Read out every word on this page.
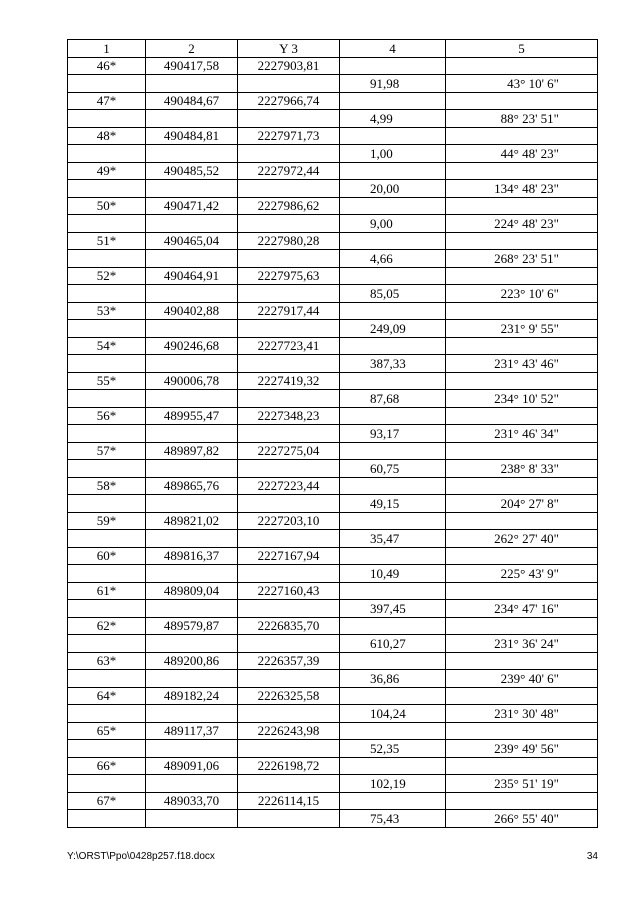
1	2	Y 3	4	5
46*	490417,58	2227903,81		
			91,98	43° 10' 6"
47*	490484,67	2227966,74		
			4,99	88° 23' 51"
48*	490484,81	2227971,73		
			1,00	44° 48' 23"
49*	490485,52	2227972,44		
			20,00	134° 48' 23"
50*	490471,42	2227986,62		
			9,00	224° 48' 23"
51*	490465,04	2227980,28		
			4,66	268° 23' 51"
52*	490464,91	2227975,63		
			85,05	223° 10' 6"
53*	490402,88	2227917,44		
			249,09	231° 9' 55"
54*	490246,68	2227723,41		
			387,33	231° 43' 46"
55*	490006,78	2227419,32		
			87,68	234° 10' 52"
56*	489955,47	2227348,23		
			93,17	231° 46' 34"
57*	489897,82	2227275,04		
			60,75	238° 8' 33"
58*	489865,76	2227223,44		
			49,15	204° 27' 8"
59*	489821,02	2227203,10		
			35,47	262° 27' 40"
60*	489816,37	2227167,94		
			10,49	225° 43' 9"
61*	489809,04	2227160,43		
			397,45	234° 47' 16"
62*	489579,87	2226835,70		
			610,27	231° 36' 24"
63*	489200,86	2226357,39		
			36,86	239° 40' 6"
64*	489182,24	2226325,58		
			104,24	231° 30' 48"
65*	489117,37	2226243,98		
			52,35	239° 49' 56"
66*	489091,06	2226198,72		
			102,19	235° 51' 19"
67*	489033,70	2226114,15		
			75,43	266° 55' 40"
Y:\ORST\Ppo\0428p257.f18.docx	34
